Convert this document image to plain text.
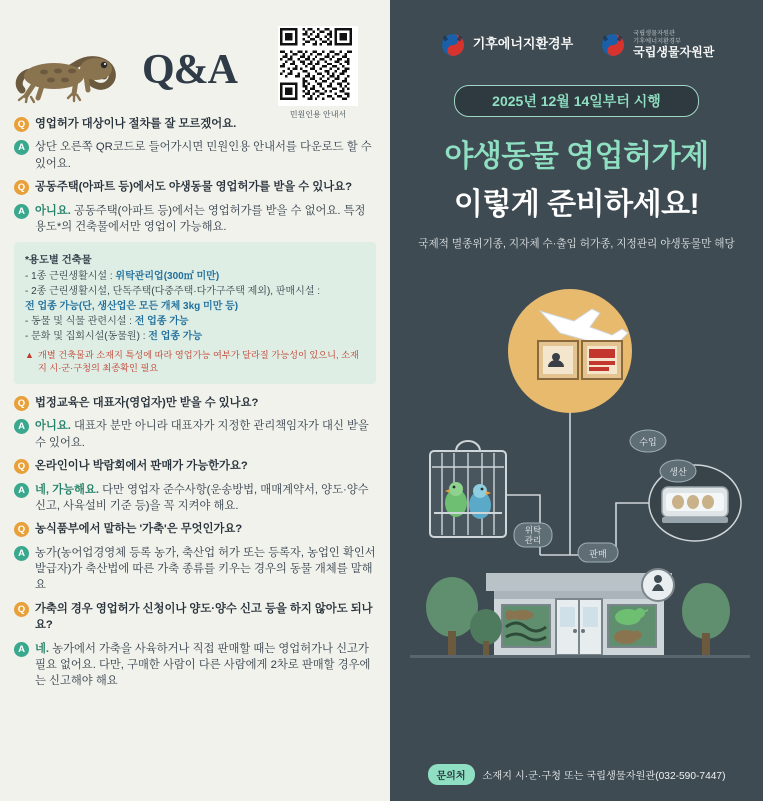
Q&A
민원인용 안내서
Q 영업허가 대상이나 절차를 잘 모르겠어요.
A 상단 오른쪽 QR코드로 들어가시면 민원인용 안내서를 다운로드 할 수 있어요.
Q 공동주택(아파트 등)에서도 야생동물 영업허가를 받을 수 있나요?
A 아니요. 공동주택(아파트 등)에서는 영업허가를 받을 수 없어요. 특정 용도*의 건축물에서만 영업이 가능해요.
*용도별 건축물
- 1종 근린생활시설 : 위탁관리업(300㎡ 미만)
- 2종 근린생활시설, 단독주택(다중주택·다가구주택 제외), 판매시설 :
전 업종 가능(단, 생산업은 모든 개체 3kg 미만 등)
- 동물 및 식물 관련시설 : 전 업종 가능
- 문화 및 집회시설(동물원) : 전 업종 가능
▲ 개별 건축물과 소재지 특성에 따라 영업가능 여부가 달라질 가능성이 있으니, 소재지 시·군·구청의 최종확인 필요
Q 법정교육은 대표자(영업자)만 받을 수 있나요?
A 아니요. 대표자 분만 아니라 대표자가 지정한 관리책임자가 대신 받을 수 있어요.
Q 온라인이나 박람회에서 판매가 가능한가요?
A 네, 가능해요. 다만 영업자 준수사항(운송방법, 매매계약서, 양도·양수 신고, 사육설비 기준 등)을 꼭 지켜야 해요.
Q 농식품부에서 말하는 '가축'은 무엇인가요?
A 농가(농어업경영체 등록 농가, 축산업 허가 또는 등록자, 농업인 확인서 발급자)가 축산법에 따른 가축 종류를 키우는 경우의 동물 개체를 말해요
Q 가축의 경우 영업허가 신청이나 양도·양수 신고 등을 하지 않아도 되나요?
A 네. 농가에서 가축을 사육하거나 직접 판매할 때는 영업허가나 신고가 필요 없어요. 다만, 구매한 사람이 다른 사람에게 2차로 판매할 경우에는 신고해야 해요
기후에너지환경부
국립생물자원관
기후에너지환경부
국립생물자원관
2025년 12월 14일부터 시행
야생동물 영업허가제
이렇게 준비하세요!
국제적 멸종위기종, 지자체 수·출입 허가종, 지정관리 야생동물만 해당
수입
생산
위탁
관리
판매
문의처	소재지 시·군·구청 또는 국립생물자원관(032-590-7447)
